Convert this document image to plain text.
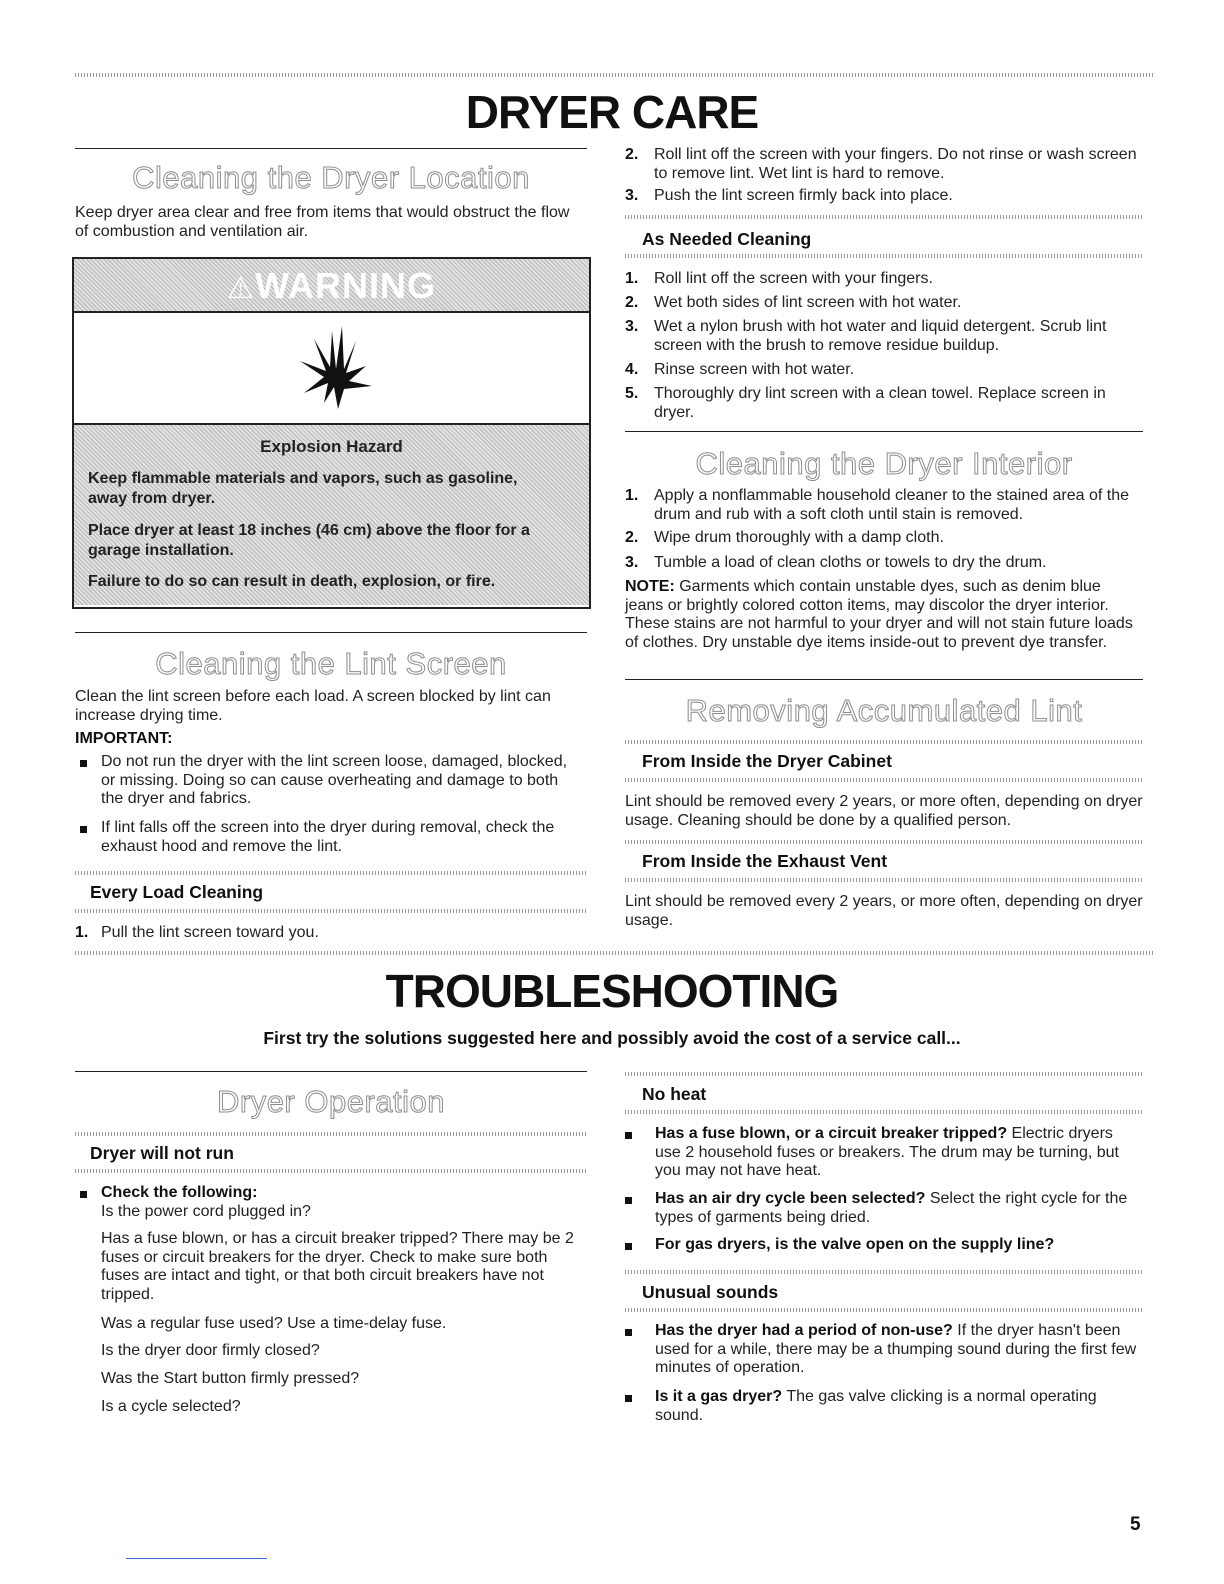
DRYER CARE
Cleaning the Dryer Location
Keep dryer area clear and free from items that would obstruct the flow of combustion and ventilation air.
⚠WARNING
Explosion Hazard
Keep flammable materials and vapors, such as gasoline, away from dryer.
Place dryer at least 18 inches (46 cm) above the floor for a garage installation.
Failure to do so can result in death, explosion, or fire.
Cleaning the Lint Screen
Clean the lint screen before each load. A screen blocked by lint can increase drying time.
IMPORTANT:
Do not run the dryer with the lint screen loose, damaged, blocked, or missing. Doing so can cause overheating and damage to both the dryer and fabrics.
If lint falls off the screen into the dryer during removal, check the exhaust hood and remove the lint.
Every Load Cleaning
1. Pull the lint screen toward you.
2. Roll lint off the screen with your fingers. Do not rinse or wash screen to remove lint. Wet lint is hard to remove.
3. Push the lint screen firmly back into place.
As Needed Cleaning
1. Roll lint off the screen with your fingers.
2. Wet both sides of lint screen with hot water.
3. Wet a nylon brush with hot water and liquid detergent. Scrub lint screen with the brush to remove residue buildup.
4. Rinse screen with hot water.
5. Thoroughly dry lint screen with a clean towel. Replace screen in dryer.
Cleaning the Dryer Interior
1. Apply a nonflammable household cleaner to the stained area of the drum and rub with a soft cloth until stain is removed.
2. Wipe drum thoroughly with a damp cloth.
3. Tumble a load of clean cloths or towels to dry the drum.
NOTE: Garments which contain unstable dyes, such as denim blue jeans or brightly colored cotton items, may discolor the dryer interior. These stains are not harmful to your dryer and will not stain future loads of clothes. Dry unstable dye items inside-out to prevent dye transfer.
Removing Accumulated Lint
From Inside the Dryer Cabinet
Lint should be removed every 2 years, or more often, depending on dryer usage. Cleaning should be done by a qualified person.
From Inside the Exhaust Vent
Lint should be removed every 2 years, or more often, depending on dryer usage.
TROUBLESHOOTING
First try the solutions suggested here and possibly avoid the cost of a service call...
Dryer Operation
Dryer will not run
Check the following:
Is the power cord plugged in?
Has a fuse blown, or has a circuit breaker tripped? There may be 2 fuses or circuit breakers for the dryer. Check to make sure both fuses are intact and tight, or that both circuit breakers have not tripped.
Was a regular fuse used? Use a time-delay fuse.
Is the dryer door firmly closed?
Was the Start button firmly pressed?
Is a cycle selected?
No heat
Has a fuse blown, or a circuit breaker tripped? Electric dryers use 2 household fuses or breakers. The drum may be turning, but you may not have heat.
Has an air dry cycle been selected? Select the right cycle for the types of garments being dried.
For gas dryers, is the valve open on the supply line?
Unusual sounds
Has the dryer had a period of non-use? If the dryer hasn't been used for a while, there may be a thumping sound during the first few minutes of operation.
Is it a gas dryer? The gas valve clicking is a normal operating sound.
5
